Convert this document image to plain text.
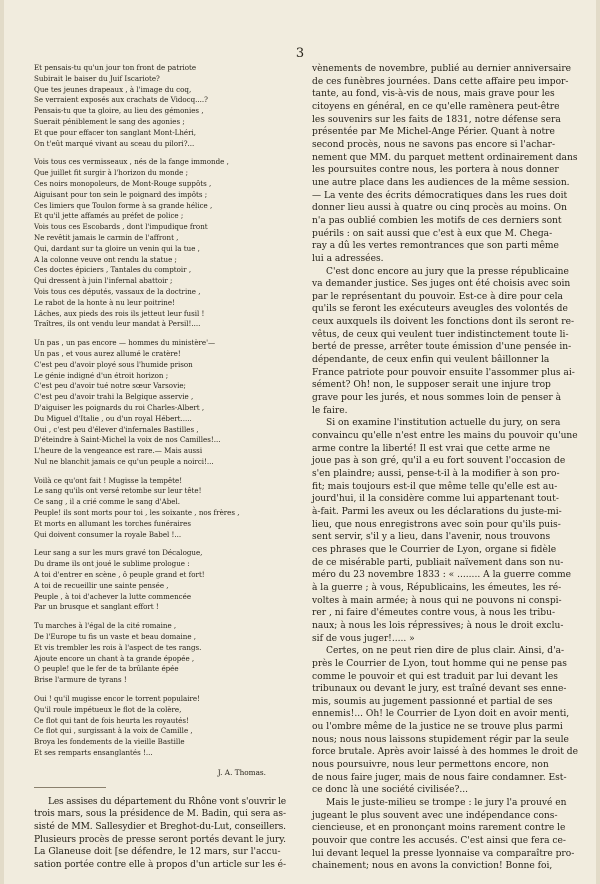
3
Et pensais-tu qu'un jour ton front de patriote
Subirait le baiser du Juif Iscariote?
Que tes jeunes drapeaux , à l'image du coq,
Se verraient exposés aux crachats de Vidocq....?
Pensais-tu que ta gloire, au lieu des gémonies ,
Suerait péniblement le sang des agonies ;
Et que pour effacer ton sanglant Mont-Lhéri,
On t'eût marqué vivant au sceau du pilori?...
Vois tous ces vermisseaux , nés de la fange immonde ,
Que juillet fit surgir à l'horizon du monde ;
Ces noirs monopoleurs, de Mont-Rouge suppôts ,
Aiguisant pour ton sein le poignard des impôts ;
Ces limiers que Toulon forme à sa grande hélice ,
Et qu'il jette affamés au préfet de police ;
Vois tous ces Escobards , dont l'impudique front
Ne revêtit jamais le carmin de l'affront ,
Qui, dardant sur ta gloire un venin qui la tue ,
A la colonne veuve ont rendu la statue ;
Ces doctes épiciers , Tantales du comptoir ,
Qui dressent à juin l'infernal abattoir ;
Vois tous ces députés, vassaux de la doctrine ,
Le rabot de la honte à nu leur poitrine!
Lâches, aux pieds des rois ils jetteut leur fusil !
Traîtres, ils ont vendu leur mandat à Persil!....
Un pas , un pas encore — hommes du ministère'—
Un pas , et vous aurez allumé le cratère!
C'est peu d'avoir ployé sous l'humide prison
Le génie indigné d'un étroit horizon ;
C'est peu d'avoir tué notre sœur Varsovie;
C'est peu d'avoir trahi la Belgique asservie ,
D'aiguiser les poignards du roi Charles-Albert ,
Du Miguel d'Italie , ou d'un royal Hébert.....
Oui , c'est peu d'élever d'infernales Bastilles ,
D'éteindre à Saint-Michel la voix de nos Camilles!...
L'heure de la vengeance est rare.— Mais aussi
Nul ne blanchit jamais ce qu'un peuple a noirci!...
Voilà ce qu'ont fait ! Mugisse la tempête!
Le sang qu'ils ont versé retombe sur leur tête!
Ce sang , il a crié comme le sang d'Abel.
Peuple! ils sont morts pour toi , les soixante , nos frères ,
Et morts en allumant les torches funéraires
Qui doivent consumer la royale Babel !...
Leur sang a sur les murs gravé ton Décalogue,
Du drame ils ont joué le sublime prologue :
A toi d'entrer en scène , ô peuple grand et fort!
A toi de recueillir une sainte pensée ,
Peuple , à toi d'achever la lutte commencée
Par un brusque et sanglant effort !
Tu marches à l'égal de la cité romaine ,
De l'Europe tu fis un vaste et beau domaine ,
Et vis trembler les rois à l'aspect de tes rangs.
Ajoute encore un chant à ta grande épopée ,
O peuple! que le fer de ta brûlante épée
Brise l'armure de tyrans !
Oui ! qu'il mugisse encor le torrent populaire!
Qu'il roule impétueux le flot de la colère,
Ce flot qui tant de fois heurta les royautés!
Ce flot qui , surgissant à la voix de Camille ,
Broya les fondements de la vieille Bastille
Et ses remparts ensanglantés !...
J. A. Thomas.
Les assises du département du Rhône vont s'ouvrir le
trois mars, sous la présidence de M. Badin, qui sera as-
sisté de MM. Sallesydier et Breghot-du-Lut, conseillers.
Plusieurs procès de presse seront portés devant le jury.
La Glaneuse doit [se défendre, le 12 mars, sur l'accu-
sation portée contre elle à propos d'un article sur les é-
vènements de novembre, publié au dernier anniversaire
de ces funèbres journées. Dans cette affaire peu impor-
tante, au fond, vis-à-vis de nous, mais grave pour les
citoyens en général, en ce qu'elle ramènera peut-être
les souvenirs sur les faits de 1831, notre défense sera
présentée par Me Michel-Ange Périer. Quant à notre
second procès, nous ne savons pas encore si l'achar-
nement que MM. du parquet mettent ordinairement dans
les poursuites contre nous, les portera à nous donner
une autre place dans les audiences de la même session.
— La vente des écrits démocratiques dans les rues doit
donner lieu aussi à quatre ou cinq procès au moins. On
n'a pas oublié combien les motifs de ces derniers sont
puérils : on sait aussi que c'est à eux que M. Chega-
ray a dû les vertes remontrances que son parti même
lui a adressées.
C'est donc encore au jury que la presse républicaine
va demander justice. Ses juges ont été choisis avec soin
par le représentant du pouvoir. Est-ce à dire pour cela
qu'ils se feront les exécuteurs aveugles des volontés de
ceux auxquels ils doivent les fonctions dont ils seront re-
vêtus, de ceux qui veulent tuer indistinctement toute li-
berté de presse, arrêter toute émission d'une pensée in-
dépendante, de ceux enfin qui veulent bâillonner la
France patriote pour pouvoir ensuite l'assommer plus ai-
sément? Oh! non, le supposer serait une injure trop
grave pour les jurés, et nous sommes loin de penser à
le faire.
Si on examine l'institution actuelle du jury, on sera
convaincu qu'elle n'est entre les mains du pouvoir qu'une
arme contre la liberté! Il est vrai que cette arme ne
joue pas à son gré, qu'il a eu fort souvent l'occasion de
s'en plaindre; aussi, pense-t-il à la modifier à son pro-
fit; mais toujours est-il que même telle qu'elle est au-
jourd'hui, il la considère comme lui appartenant tout-
à-fait. Parmi les aveux ou les déclarations du juste-mi-
lieu, que nous enregistrons avec soin pour qu'ils puis-
sent servir, s'il y a lieu, dans l'avenir, nous trouvons
ces phrases que le Courrier de Lyon, organe si fidèle
de ce misérable parti, publiait naïvement dans son nu-
méro du 23 novembre 1833 : « ........ A la guerre comme
à la guerre ; à vous, Républicains, les émeutes, les ré-
voltes à main armée; à nous qui ne pouvons ni conspi-
rer , ni faire d'émeutes contre vous, à nous les tribu-
naux; à nous les lois répressives; à nous le droit exclu-
sif de vous juger!..... »
Certes, on ne peut rien dire de plus clair. Ainsi, d'a-
près le Courrier de Lyon, tout homme qui ne pense pas
comme le pouvoir et qui est traduit par lui devant les
tribunaux ou devant le jury, est traîné devant ses enne-
mis, soumis au jugement passionné et partial de ses
ennemis!... Oh! le Courrier de Lyon doit en avoir menti,
ou l'ombre même de la justice ne se trouve plus parmi
nous; nous nous laissons stupidement régir par la seule
force brutale. Après avoir laissé à des hommes le droit de
nous poursuivre, nous leur permettons encore, non
de nous faire juger, mais de nous faire condamner. Est-
ce donc là une société civilisée?...
Mais le juste-milieu se trompe : le jury l'a prouvé en
jugeant le plus souvent avec une indépendance cons-
ciencieuse, et en prononçant moins rarement contre le
pouvoir que contre les accusés. C'est ainsi que fera ce-
lui devant lequel la presse lyonnaise va comparaître pro-
chainement; nous en avons la conviction! Bonne foi,
